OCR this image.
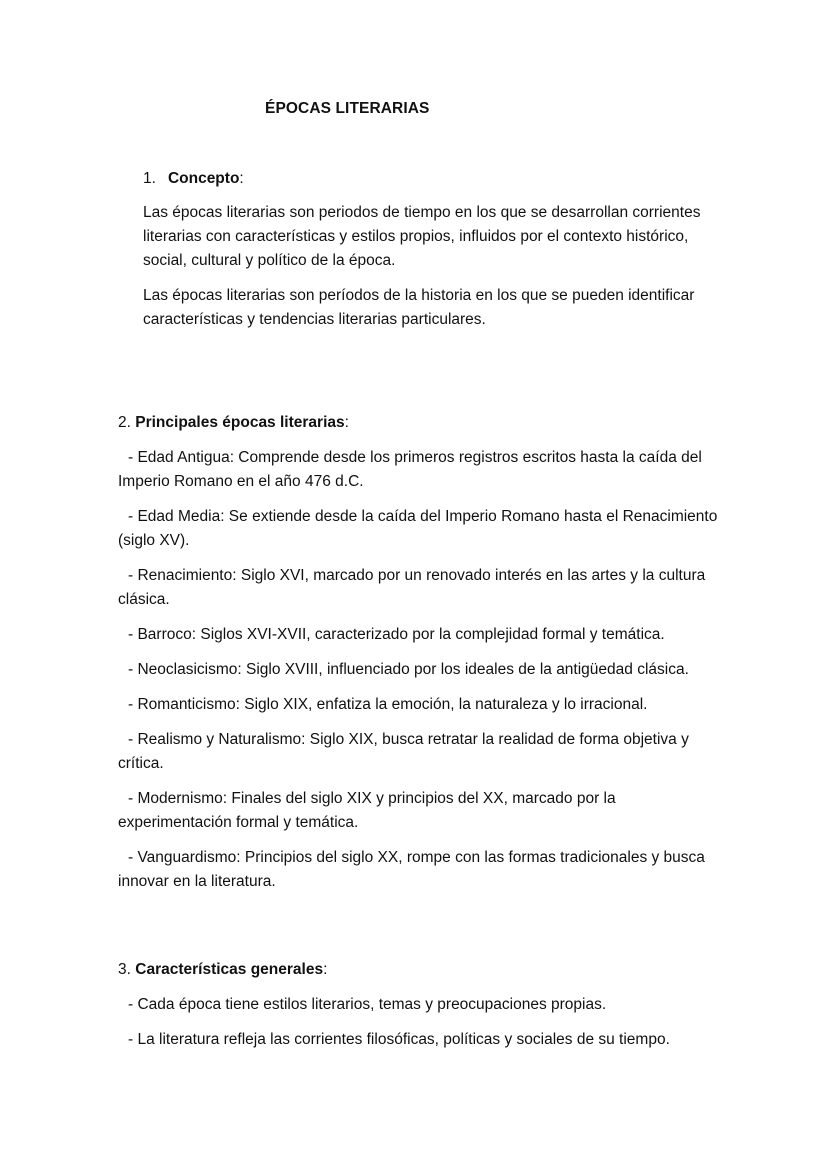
ÉPOCAS LITERARIAS
1. Concepto:

Las épocas literarias son periodos de tiempo en los que se desarrollan corrientes literarias con características y estilos propios, influidos por el contexto histórico, social, cultural y político de la época.

Las épocas literarias son períodos de la historia en los que se pueden identificar características y tendencias literarias particulares.

2. Principales épocas literarias:
- Edad Antigua: Comprende desde los primeros registros escritos hasta la caída del Imperio Romano en el año 476 d.C.
- Edad Media: Se extiende desde la caída del Imperio Romano hasta el Renacimiento (siglo XV).
- Renacimiento: Siglo XVI, marcado por un renovado interés en las artes y la cultura clásica.
- Barroco: Siglos XVI-XVII, caracterizado por la complejidad formal y temática.
- Neoclasicismo: Siglo XVIII, influenciado por los ideales de la antigüedad clásica.
- Romanticismo: Siglo XIX, enfatiza la emoción, la naturaleza y lo irracional.
- Realismo y Naturalismo: Siglo XIX, busca retratar la realidad de forma objetiva y crítica.
- Modernismo: Finales del siglo XIX y principios del XX, marcado por la experimentación formal y temática.
- Vanguardismo: Principios del siglo XX, rompe con las formas tradicionales y busca innovar en la literatura.
3. Características generales:
- Cada época tiene estilos literarios, temas y preocupaciones propias.
- La literatura refleja las corrientes filosóficas, políticas y sociales de su tiempo.
